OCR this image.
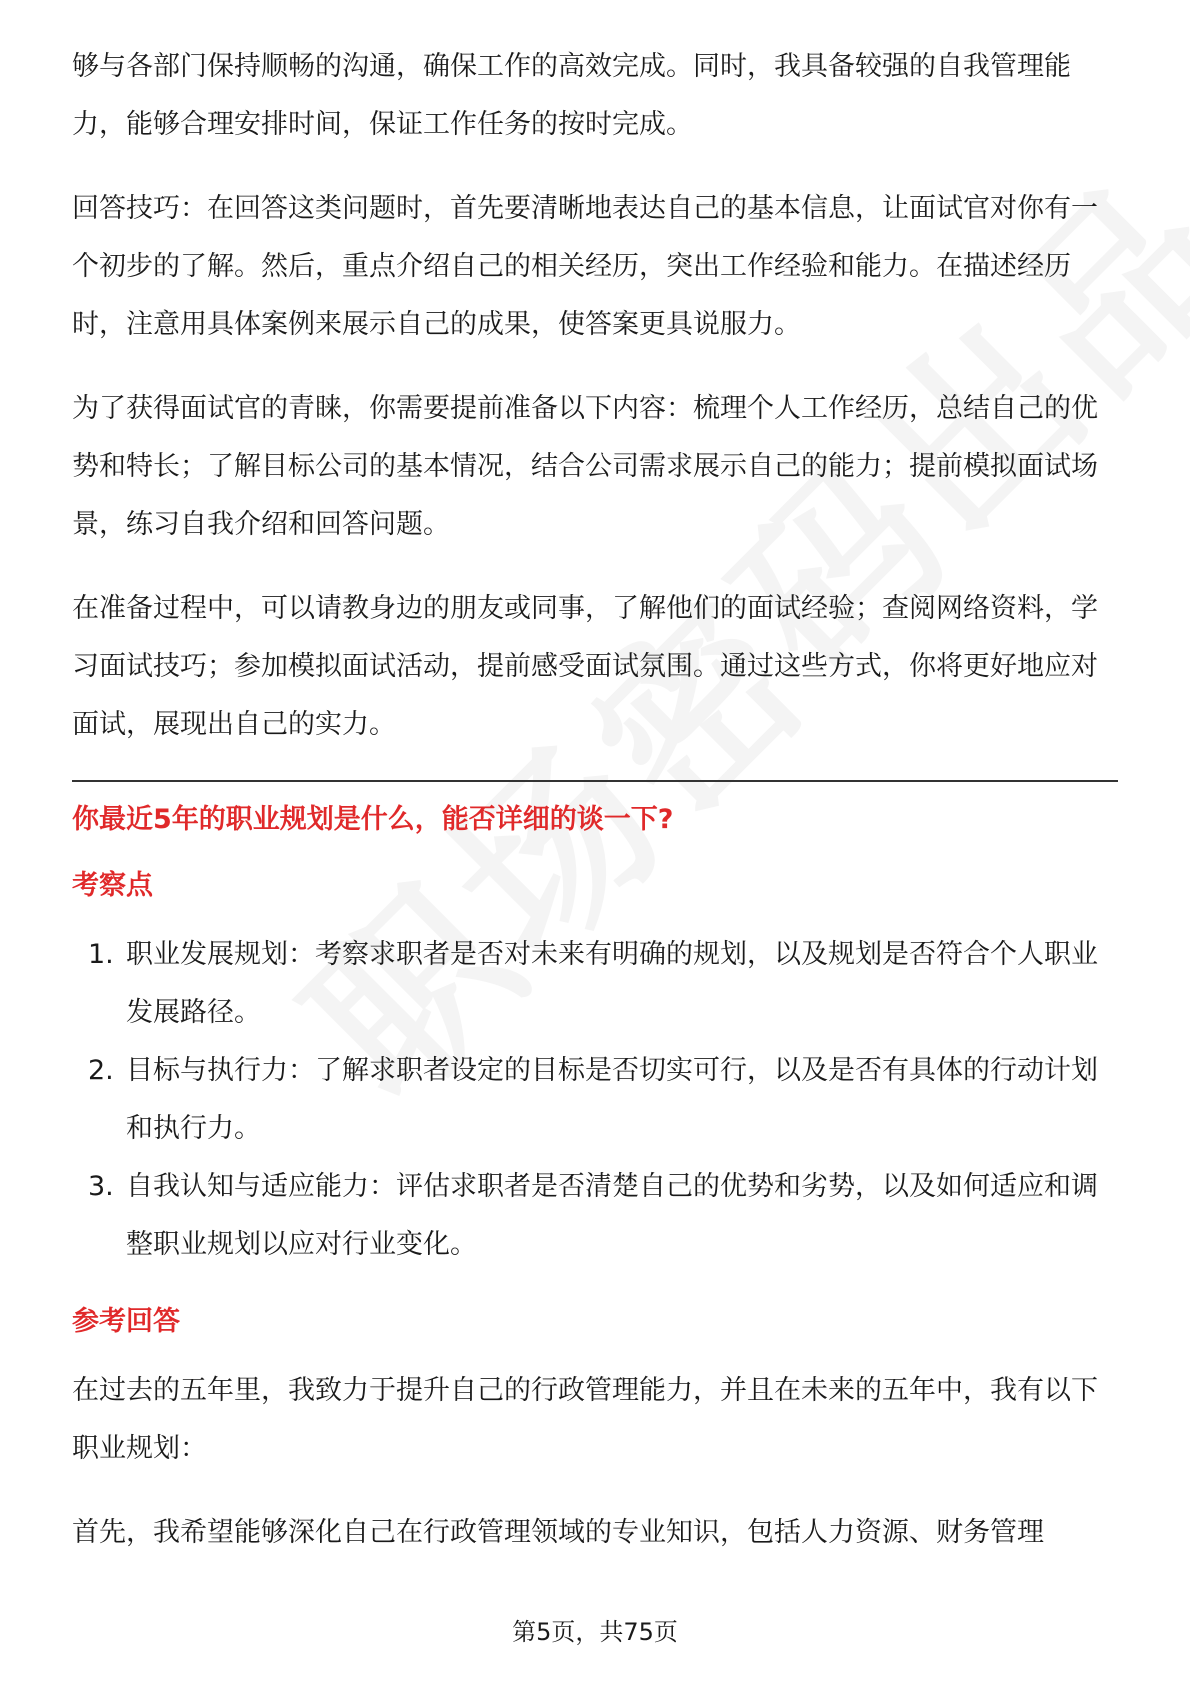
够与各部门保持顺畅的沟通，确保工作的高效完成。同时，我具备较强的自我管理能力，能够合理安排时间，保证工作任务的按时完成。

回答技巧：在回答这类问题时，首先要清晰地表达自己的基本信息，让面试官对你有一个初步的了解。然后，重点介绍自己的相关经历，突出工作经验和能力。在描述经历时，注意用具体案例来展示自己的成果，使答案更具说服力。

为了获得面试官的青睐，你需要提前准备以下内容：梳理个人工作经历，总结自己的优势和特长；了解目标公司的基本情况，结合公司需求展示自己的能力；提前模拟面试场景，练习自我介绍和回答问题。

在准备过程中，可以请教身边的朋友或同事，了解他们的面试经验；查阅网络资料，学习面试技巧；参加模拟面试活动，提前感受面试氛围。通过这些方式，你将更好地应对面试，展现出自己的实力。

你最近5年的职业规划是什么，能否详细的谈一下?
考察点
1. 职业发展规划：考察求职者是否对未来有明确的规划，以及规划是否符合个人职业发展路径。
2. 目标与执行力：了解求职者设定的目标是否切实可行，以及是否有具体的行动计划和执行力。
3. 自我认知与适应能力：评估求职者是否清楚自己的优势和劣势，以及如何适应和调整职业规划以应对行业变化。
参考回答

在过去的五年里，我致力于提升自己的行政管理能力，并且在未来的五年中，我有以下职业规划：

首先，我希望能够深化自己在行政管理领域的专业知识，包括人力资源、财务管理

第5页，共75页
